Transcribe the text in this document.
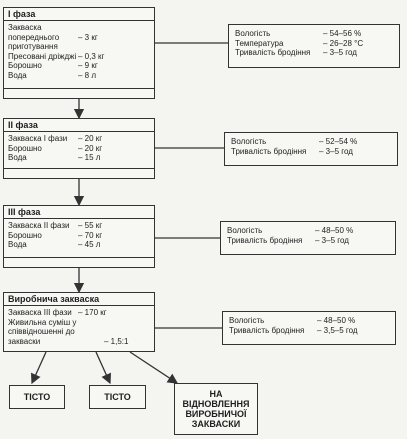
I фаза
Закваска попереднього приготування
– 3 кг
Пресовані дріжджі – 0,3 кг
Борошно	– 9 кг
Вода	– 8 л
Вологість	– 54–56 %
Температура	– 26–28 °С
Тривалість бродіння	– 3–5 год
II фаза
Закваска I фази	– 20 кг
Борошно	– 20 кг
Вода	– 15 л
Вологість	– 52–54 %
Тривалість бродіння	– 3–5 год
III фаза
Закваска II фази	– 55 кг
Борошно	– 70 кг
Вода	– 45 л
Вологість	– 48–50 %
Тривалість бродіння	– 3–5 год
Виробнича закваска
Закваска III фази – 170 кг
Живильна суміш у співвідношенні до закваски	– 1,5:1
Вологість	– 48–50 %
Тривалість бродіння	– 3,5–5 год
ТІСТО	ТІСТО	НА ВІДНОВЛЕННЯ ВИРОБНИЧОЇ ЗАКВАСКИ
